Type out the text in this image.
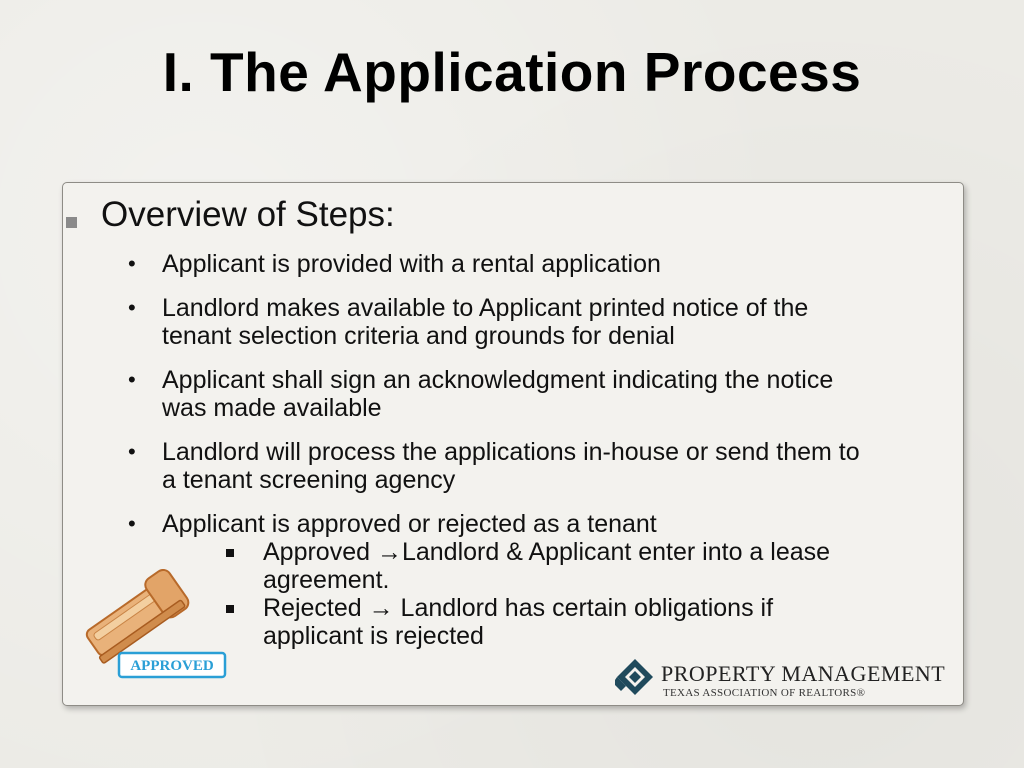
I. The Application Process
Overview of Steps:
• Applicant is provided with a rental application
• Landlord makes available to Applicant printed notice of the
tenant selection criteria and grounds for denial
• Applicant shall sign an acknowledgment indicating the notice
was made available
• Landlord will process the applications in-house or send them to
a tenant screening agency
• Applicant is approved or rejected as a tenant
Approved →Landlord & Applicant enter into a lease
agreement.
Rejected → Landlord has certain obligations if
applicant is rejected
APPROVED	PROPERTY MANAGEMENT
TEXAS ASSOCIATION OF REALTORS®
